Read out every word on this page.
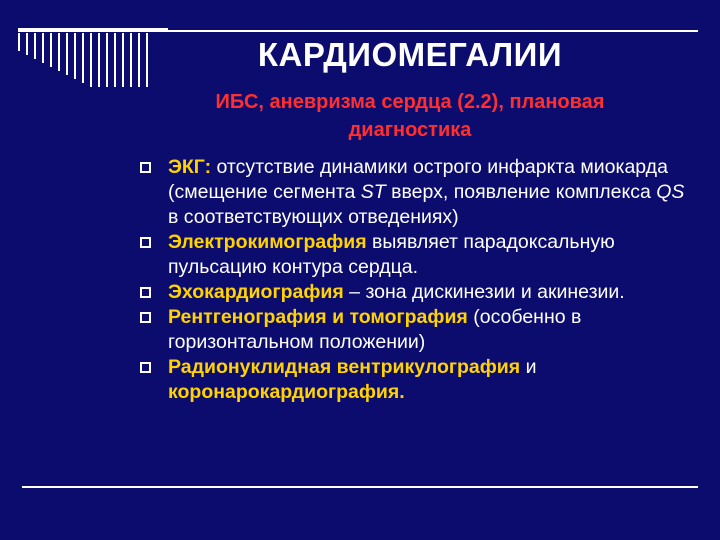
КАРДИОМЕГАЛИИ
ИБС, аневризма сердца (2.2), плановая
диагностика
ЭКГ: отсутствие динамики острого инфаркта миокарда (смещение сегмента ST вверх, появление комплекса QS в соответствующих отведениях)
Электрокимография выявляет парадоксальную пульсацию контура сердца.
Эхокардиография – зона дискинезии и акинезии.
Рентгенография и томография (особенно в горизонтальном положении)
Радионуклидная вентрикулография и коронарокардиография.
